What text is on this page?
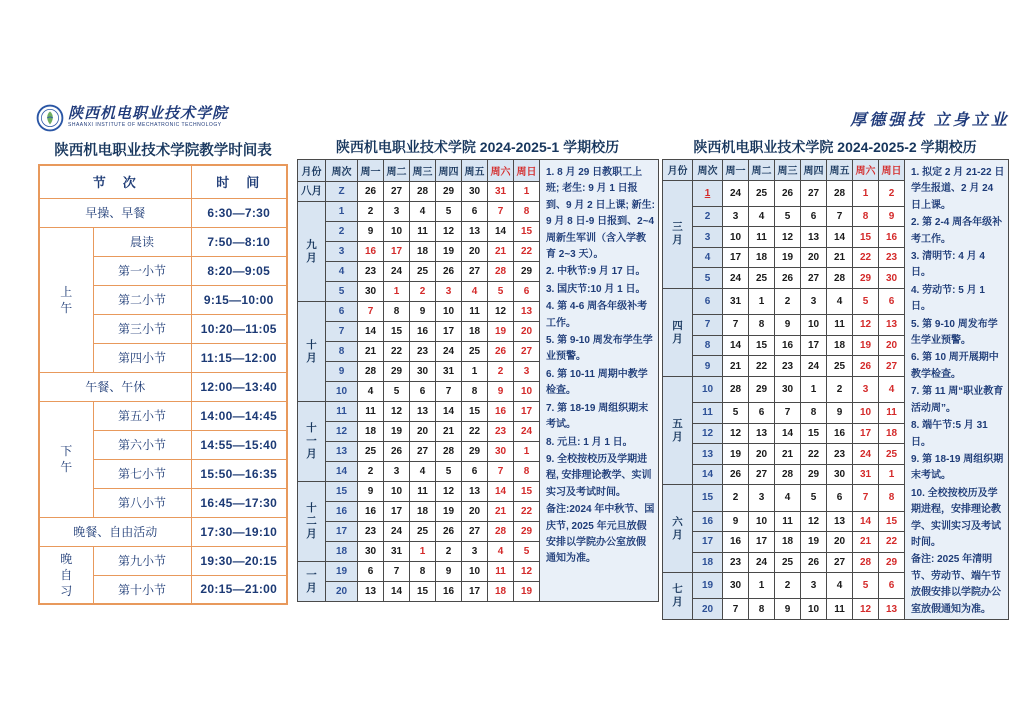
陕西机电职业技术学院
SHAANXI INSTITUTE OF MECHATRONIC TECHNOLOGY	厚德强技 立身立业
陕西机电职业技术学院教学时间表
节　次		时　间
早操、早餐		6:30—7:30

上
午	晨读	7:50—8:10
	第一小节	8:20—9:05
	第二小节	9:15—10:00
	第三小节	10:20—11:05
	第四小节	11:15—12:00
午餐、午休		12:00—13:40

下
午	第五小节	14:00—14:45
	第六小节	14:55—15:40
	第七小节	15:50—16:35
	第八小节	16:45—17:30
晚餐、自由活动		17:30—19:10

晚
自
习	第九小节	19:30—20:15
	第十小节	20:15—21:00
陕西机电职业技术学院 2024-2025-1 学期校历
月份	周次	周一	周二	周三	周四	周五	周六	周日	1. 8 月 29 日教职工上班; 老生: 9 月 1 日报到、9 月 2 日上课; 新生: 9 月 8 日-9 日报到、2~4 周新生军训（含入学教育 2~3 天）。
2. 中秋节:9 月 17 日。
3. 国庆节:10 月 1 日。
4. 第 4-6 周各年级补考工作。
5. 第 9-10 周发布学生学业预警。
6. 第 10-11 周期中教学检查。
7. 第 18-19 周组织期末考试。
8. 元旦: 1 月 1 日。
9. 全校按校历及学期进程, 安排理论教学、实训实习及考试时间。
备注:2024 年中秋节、国庆节, 2025 年元旦放假安排以学院办公室放假通知为准。

八月	Z	26	27	28	29	30	31	1	

九
月	1	2	3	4	5	6	7	8	
	2	9	10	11	12	13	14	15	
	3	16	17	18	19	20	21	22	
	4	23	24	25	26	27	28	29	
	5	30	1	2	3	4	5	6	

十
月	6	7	8	9	10	11	12	13	
	7	14	15	16	17	18	19	20	
	8	21	22	23	24	25	26	27	
	9	28	29	30	31	1	2	3	
	10	4	5	6	7	8	9	10	

十
一
月	11	11	12	13	14	15	16	17	
	12	18	19	20	21	22	23	24	
	13	25	26	27	28	29	30	1	
	14	2	3	4	5	6	7	8	

十
二
月	15	9	10	11	12	13	14	15	
	16	16	17	18	19	20	21	22	
	17	23	24	25	26	27	28	29	
	18	30	31	1	2	3	4	5	

一
月	19	6	7	8	9	10	11	12	
	20	13	14	15	16	17	18	19	
陕西机电职业技术学院 2024-2025-2 学期校历
月份	周次	周一	周二	周三	周四	周五	周六	周日	1. 拟定 2 月 21-22 日学生报道、2 月 24 日上课。
2. 第 2-4 周各年级补考工作。
3. 清明节: 4 月 4 日。
4. 劳动节: 5 月 1 日。
5. 第 9-10 周发布学生学业预警。
6. 第 10 周开展期中教学检查。
7. 第 11 周“职业教育活动周”。
8. 端午节:5 月 31 日。
9. 第 18-19 周组织期末考试。
10. 全校按校历及学期进程，安排理论教学、实训实习及考试时间。
备注: 2025 年清明节、劳动节、端午节放假安排以学院办公室放假通知为准。

三
月	1	24	25	26	27	28	1	2	
	2	3	4	5	6	7	8	9	
	3	10	11	12	13	14	15	16	
	4	17	18	19	20	21	22	23	
	5	24	25	26	27	28	29	30	

四
月	6	31	1	2	3	4	5	6	
	7	7	8	9	10	11	12	13	
	8	14	15	16	17	18	19	20	
	9	21	22	23	24	25	26	27	

五
月	10	28	29	30	1	2	3	4	
	11	5	6	7	8	9	10	11	
	12	12	13	14	15	16	17	18	
	13	19	20	21	22	23	24	25	
	14	26	27	28	29	30	31	1	

六
月	15	2	3	4	5	6	7	8	
	16	9	10	11	12	13	14	15	
	17	16	17	18	19	20	21	22	
	18	23	24	25	26	27	28	29	

七
月	19	30	1	2	3	4	5	6	
	20	7	8	9	10	11	12	13	
